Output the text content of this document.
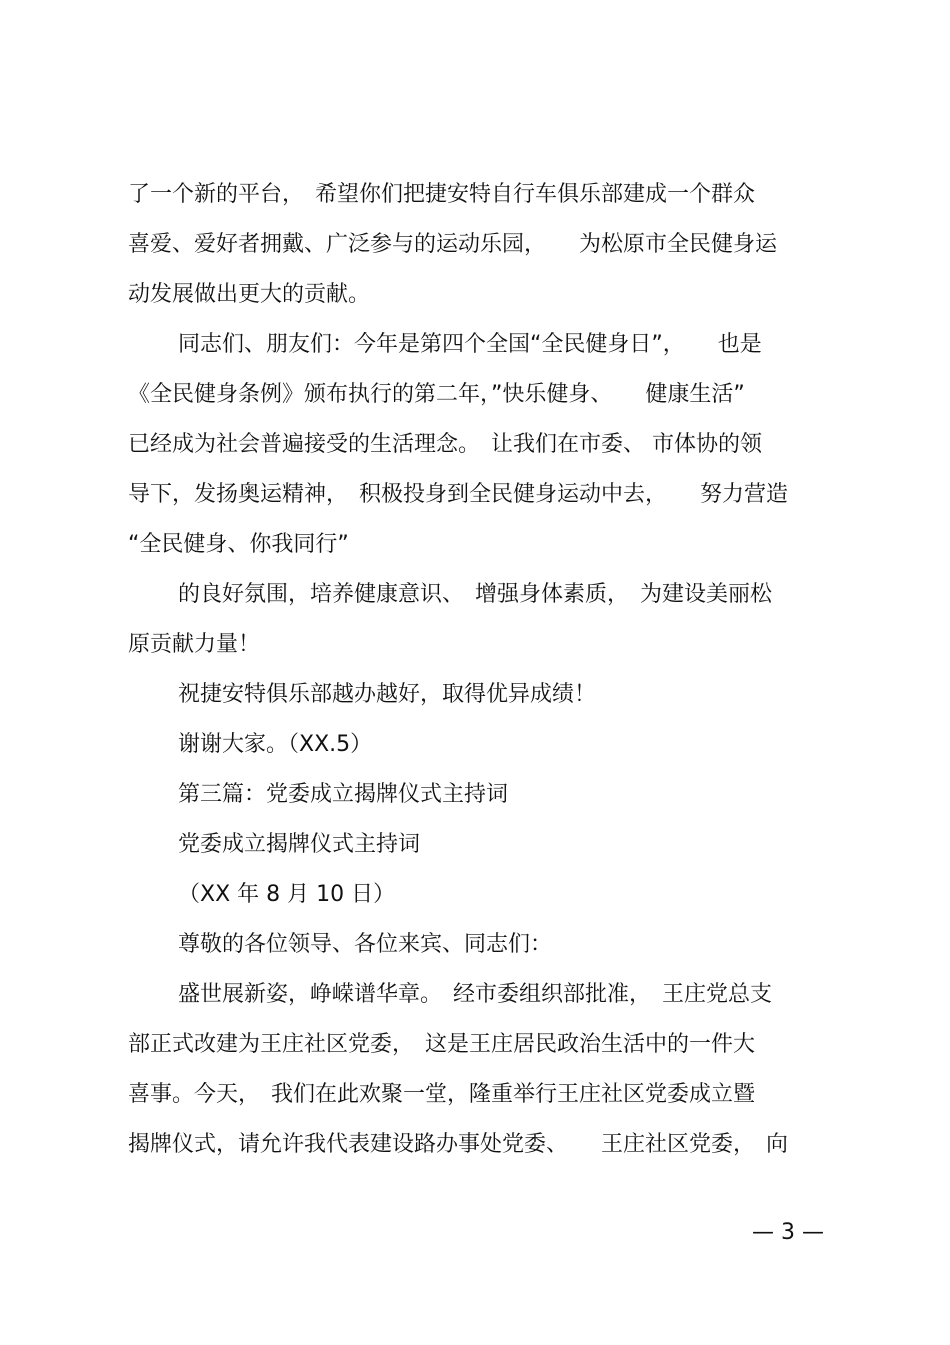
了一个新的平台，　希望你们把捷安特自行车俱乐部建成一个群众
喜爱、爱好者拥戴、广泛参与的运动乐园，　　为松原市全民健身运
动发展做出更大的贡献。
同志们、朋友们：今年是第四个全国“全民健身日”，　　也是
《全民健身条例》颁布执行的第二年，”快乐健身、　　健康生活”
已经成为社会普遍接受的生活理念。　让我们在市委、 市体协的领
导下，发扬奥运精神，　积极投身到全民健身运动中去，　　努力营造
“全民健身、你我同行”
的良好氛围，培养健康意识、　增强身体素质，　为建设美丽松
原贡献力量！
祝捷安特俱乐部越办越好，取得优异成绩！
谢谢大家。（XX.5）
第三篇：党委成立揭牌仪式主持词
党委成立揭牌仪式主持词
（XX 年 8 月 10 日）
尊敬的各位领导、各位来宾、同志们：
盛世展新姿，峥嵘谱华章。　经市委组织部批准，　王庄党总支
部正式改建为王庄社区党委，　这是王庄居民政治生活中的一件大
喜事。今天，　我们在此欢聚一堂，隆重举行王庄社区党委成立暨
揭牌仪式，请允许我代表建设路办事处党委、　　王庄社区党委，　向
— 3 —
